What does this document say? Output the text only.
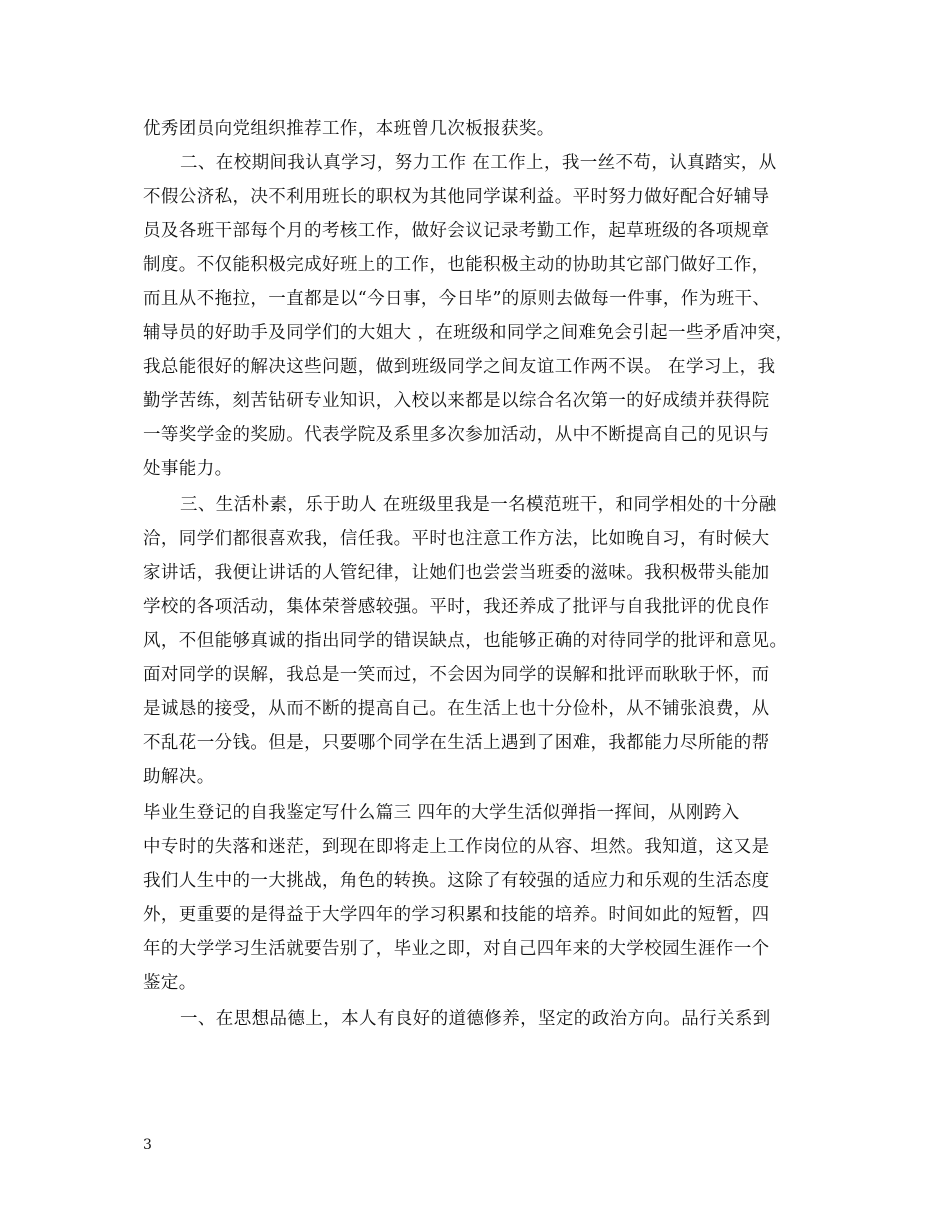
优秀团员向党组织推荐工作，本班曾几次板报获奖。
二、在校期间我认真学习，努力工作 在工作上，我一丝不苟，认真踏实，从
不假公济私，决不利用班长的职权为其他同学谋利益。平时努力做好配合好辅导
员及各班干部每个月的考核工作，做好会议记录考勤工作，起草班级的各项规章
制度。不仅能积极完成好班上的工作，也能积极主动的协助其它部门做好工作，
而且从不拖拉，一直都是以“今日事，今日毕”的原则去做每一件事，作为班干、
辅导员的好助手及同学们的大姐大 ，在班级和同学之间难免会引起一些矛盾冲突，
我总能很好的解决这些问题，做到班级同学之间友谊工作两不误。 在学习上，我
勤学苦练，刻苦钻研专业知识，入校以来都是以综合名次第一的好成绩并获得院
一等奖学金的奖励。代表学院及系里多次参加活动，从中不断提高自己的见识与
处事能力。
三、生活朴素，乐于助人 在班级里我是一名模范班干，和同学相处的十分融
洽，同学们都很喜欢我，信任我。平时也注意工作方法，比如晚自习，有时候大
家讲话，我便让讲话的人管纪律，让她们也尝尝当班委的滋味。我积极带头能加
学校的各项活动，集体荣誉感较强。平时，我还养成了批评与自我批评的优良作
风，不但能够真诚的指出同学的错误缺点，也能够正确的对待同学的批评和意见。
面对同学的误解，我总是一笑而过，不会因为同学的误解和批评而耿耿于怀，而
是诚恳的接受，从而不断的提高自己。在生活上也十分俭朴，从不铺张浪费，从
不乱花一分钱。但是，只要哪个同学在生活上遇到了困难，我都能力尽所能的帮
助解决。
毕业生登记的自我鉴定写什么篇三 四年的大学生活似弹指一挥间，从刚跨入
中专时的失落和迷茫，到现在即将走上工作岗位的从容、坦然。我知道，这又是
我们人生中的一大挑战，角色的转换。这除了有较强的适应力和乐观的生活态度
外，更重要的是得益于大学四年的学习积累和技能的培养。时间如此的短暂，四
年的大学学习生活就要告别了，毕业之即，对自己四年来的大学校园生涯作一个
鉴定。
一、在思想品德上，本人有良好的道德修养，坚定的政治方向。品行关系到
3
